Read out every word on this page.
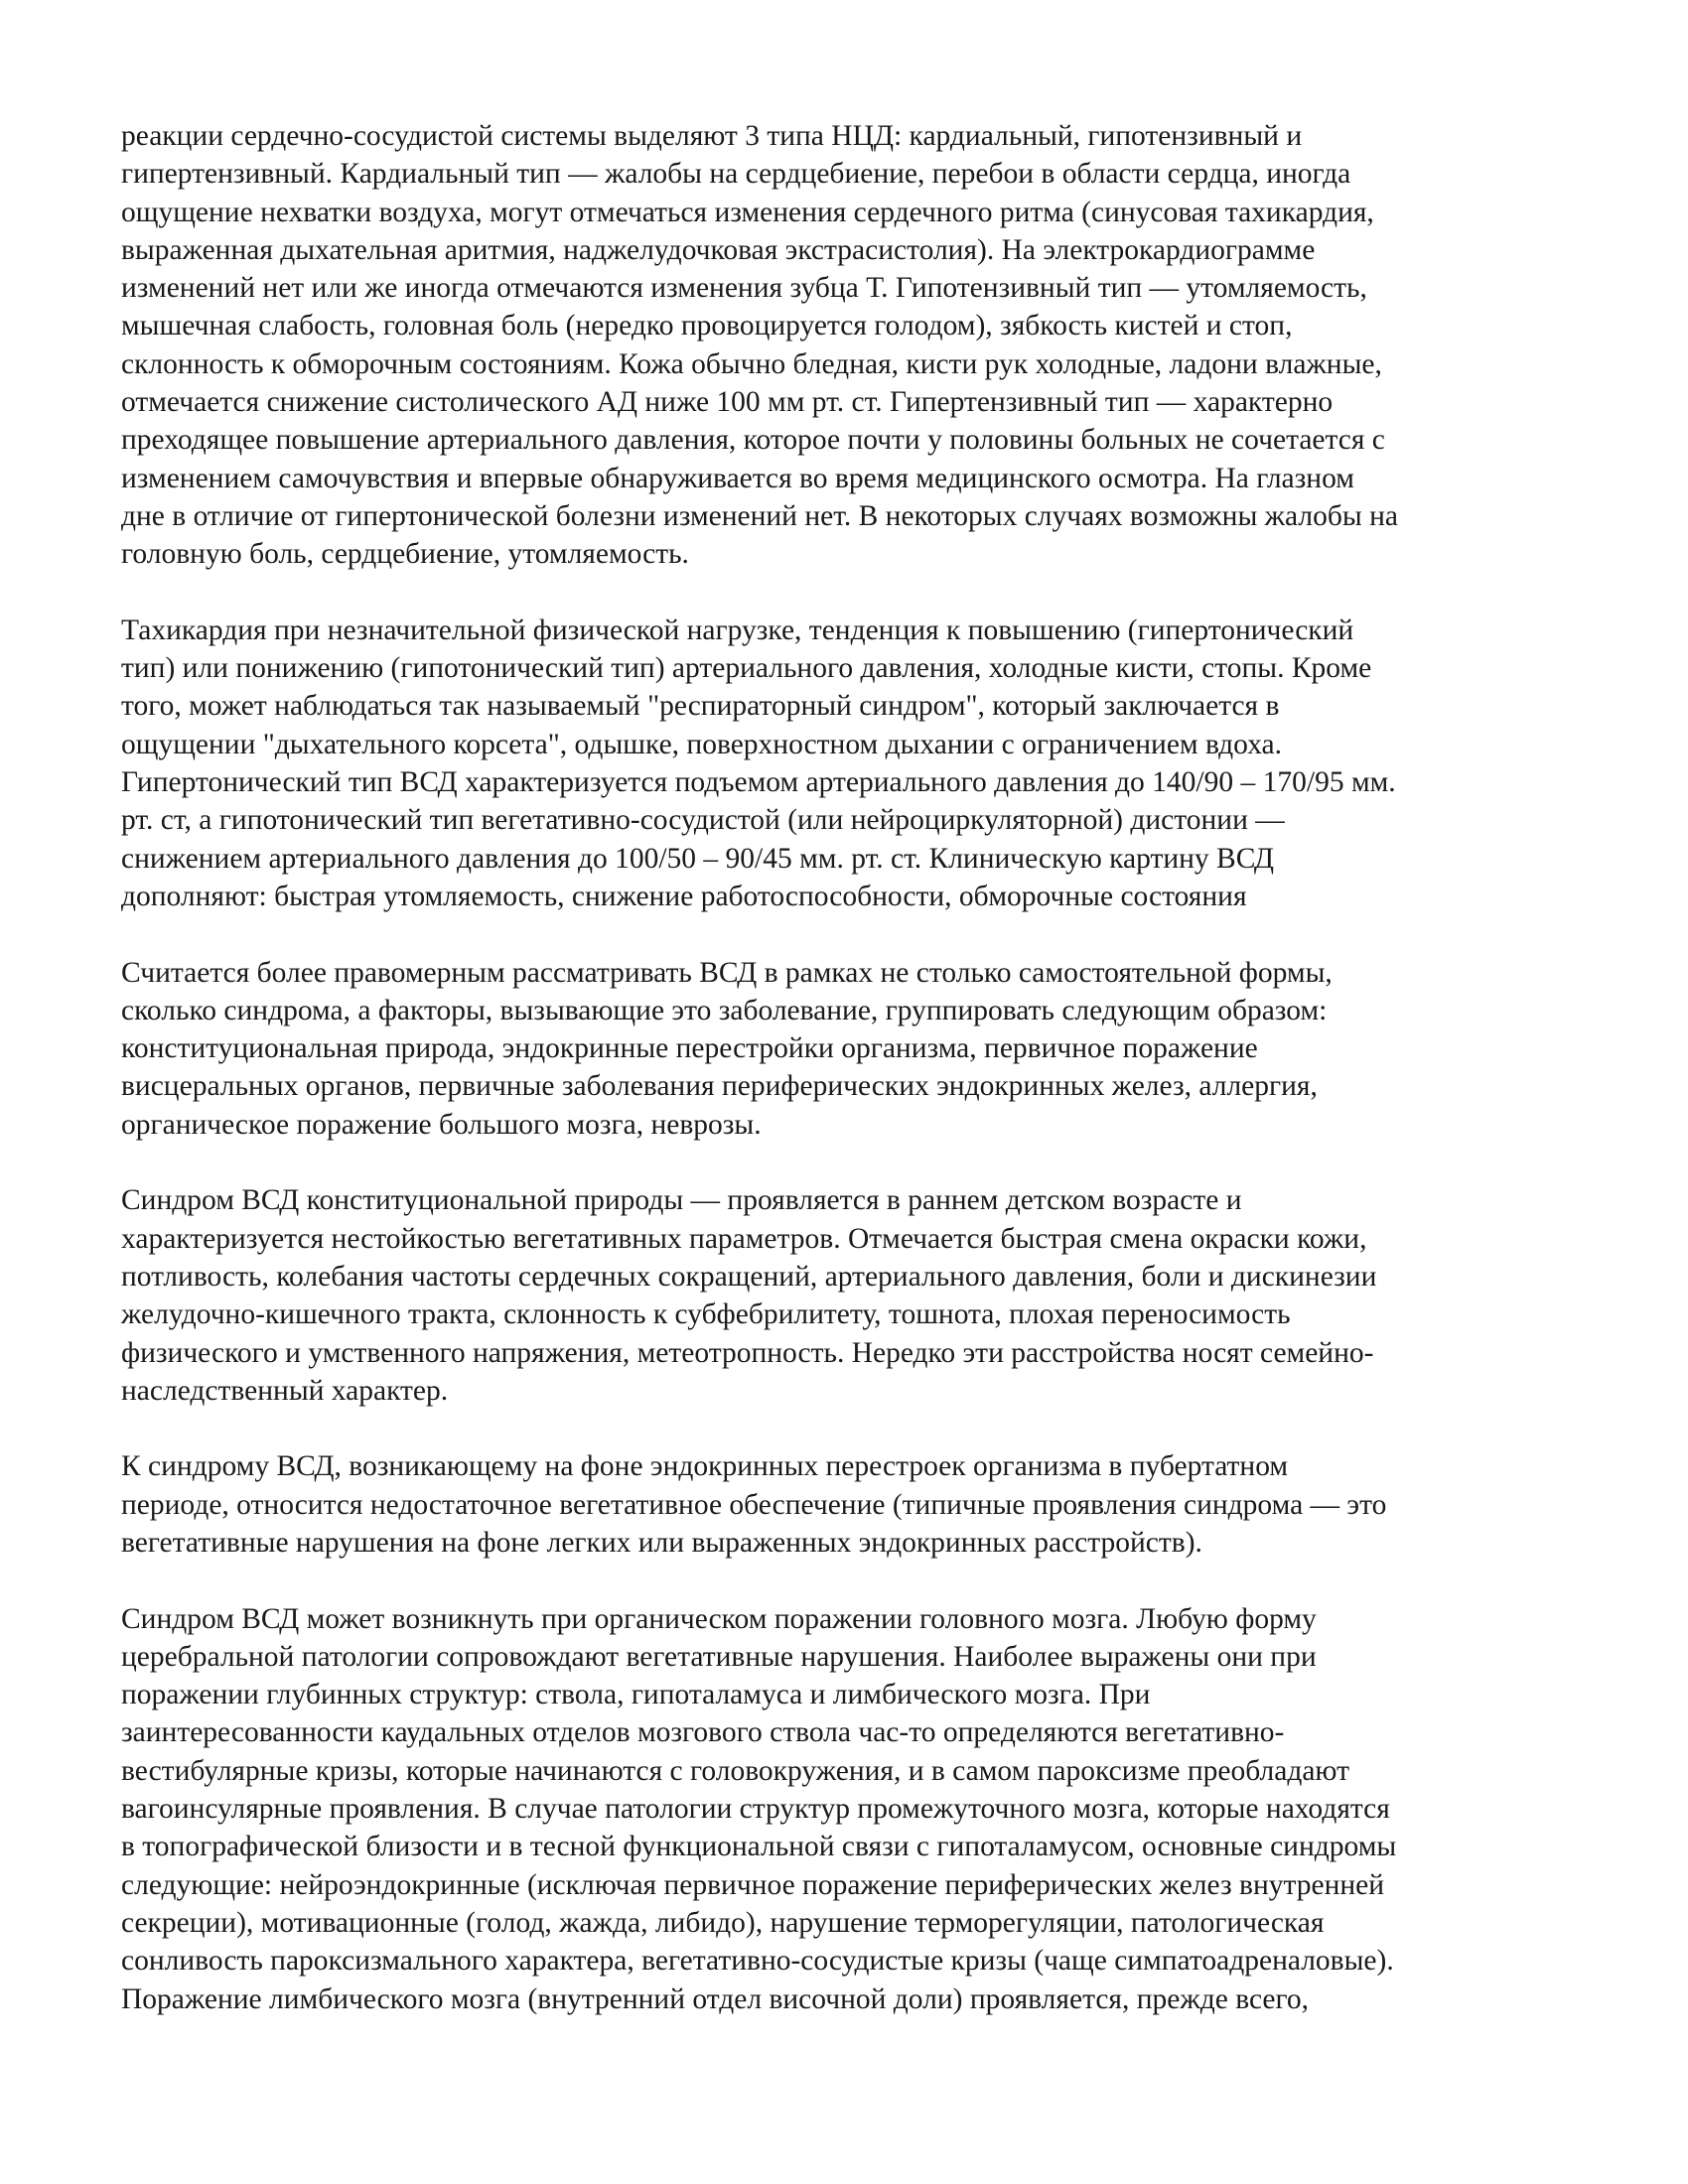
реакции сердечно-сосудистой системы выделяют 3 типа НЦД: кардиальный, гипотензивный и
гипертензивный. Кардиальный тип — жалобы на сердцебиение, перебои в области сердца, иногда
ощущение нехватки воздуха, могут отмечаться изменения сердечного ритма (синусовая тахикардия,
выраженная дыхательная аритмия, наджелудочковая экстрасистолия). На электрокардиограмме
изменений нет или же иногда отмечаются изменения зубца Т. Гипотензивный тип — утомляемость,
мышечная слабость, головная боль (нередко провоцируется голодом), зябкость кистей и стоп,
склонность к обморочным состояниям. Кожа обычно бледная, кисти рук холодные, ладони влажные,
отмечается снижение систолического АД ниже 100 мм рт. ст. Гипертензивный тип — характерно
преходящее повышение артериального давления, которое почти у половины больных не сочетается с
изменением самочувствия и впервые обнаруживается во время медицинского осмотра. На глазном
дне в отличие от гипертонической болезни изменений нет. В некоторых случаях возможны жалобы на
головную боль, сердцебиение, утомляемость.
Тахикардия при незначительной физической нагрузке, тенденция к повышению (гипертонический
тип) или понижению (гипотонический тип) артериального давления, холодные кисти, стопы. Кроме
того, может наблюдаться так называемый "респираторный синдром", который заключается в
ощущении "дыхательного корсета", одышке, поверхностном дыхании с ограничением вдоха.
Гипертонический тип ВСД характеризуется подъемом артериального давления до 140/90 – 170/95 мм.
рт. ст, а гипотонический тип вегетативно-сосудистой (или нейроциркуляторной) дистонии —
снижением артериального давления до 100/50 – 90/45 мм. рт. ст. Клиническую картину ВСД
дополняют: быстрая утомляемость, снижение работоспособности, обморочные состояния
Считается более правомерным рассматривать ВСД в рамках не столько самостоятельной формы,
сколько синдрома, а факторы, вызывающие это заболевание, группировать следующим образом:
конституциональная природа, эндокринные перестройки организма, первичное поражение
висцеральных органов, первичные заболевания периферических эндокринных желез, аллергия,
органическое поражение большого мозга, неврозы.
Синдром ВСД конституциональной природы — проявляется в раннем детском возрасте и
характеризуется нестойкостью вегетативных параметров. Отмечается быстрая смена окраски кожи,
потливость, колебания частоты сердечных сокращений, артериального давления, боли и дискинезии
желудочно-кишечного тракта, склонность к субфебрилитету, тошнота, плохая переносимость
физического и умственного напряжения, метеотропность. Нередко эти расстройства носят семейно-
наследственный характер.
К синдрому ВСД, возникающему на фоне эндокринных перестроек организма в пубертатном
периоде, относится недостаточное вегетативное обеспечение (типичные проявления синдрома — это
вегетативные нарушения на фоне легких или выраженных эндокринных расстройств).
Синдром ВСД может возникнуть при органическом поражении головного мозга. Любую форму
церебральной патологии сопровождают вегетативные нарушения. Наиболее выражены они при
поражении глубинных структур: ствола, гипоталамуса и лимбического мозга. При
заинтересованности каудальных отделов мозгового ствола час-то определяются вегетативно-
вестибулярные кризы, которые начинаются с головокружения, и в самом пароксизме преобладают
вагоинсулярные проявления. В случае патологии структур промежуточного мозга, которые находятся
в топографической близости и в тесной функциональной связи с гипоталамусом, основные синдромы
следующие: нейроэндокринные (исключая первичное поражение периферических желез внутренней
секреции), мотивационные (голод, жажда, либидо), нарушение терморегуляции, патологическая
сонливость пароксизмального характера, вегетативно-сосудистые кризы (чаще симпатоадреналовые).
Поражение лимбического мозга (внутренний отдел височной доли) проявляется, прежде всего,
